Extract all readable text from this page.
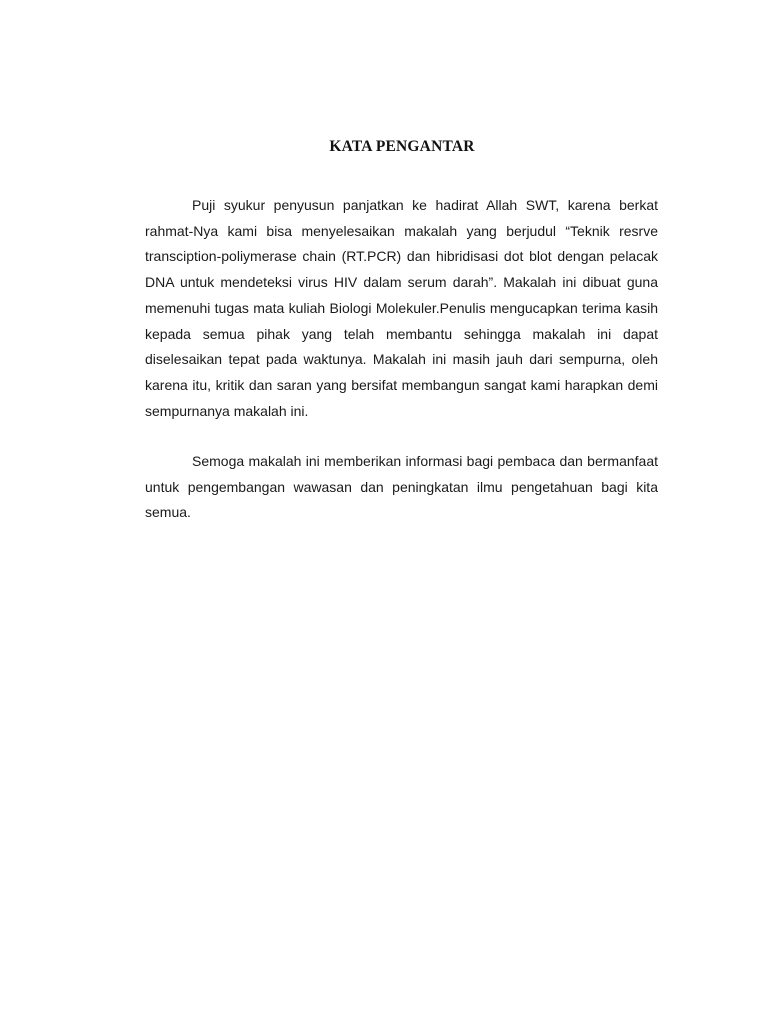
KATA PENGANTAR

Puji syukur penyusun panjatkan ke hadirat Allah SWT, karena berkat rahmat-Nya kami bisa menyelesaikan makalah yang berjudul “Teknik resrve transciption-poliymerase chain (RT.PCR) dan hibridisasi dot blot dengan pelacak DNA untuk mendeteksi virus HIV dalam serum darah”. Makalah ini dibuat guna memenuhi tugas mata kuliah Biologi Molekuler.Penulis mengucapkan terima kasih kepada semua pihak yang telah membantu sehingga makalah ini dapat diselesaikan tepat pada waktunya. Makalah ini masih jauh dari sempurna, oleh karena itu, kritik dan saran yang bersifat membangun sangat kami harapkan demi sempurnanya makalah ini.

Semoga makalah ini memberikan informasi bagi pembaca dan bermanfaat untuk pengembangan wawasan dan peningkatan ilmu pengetahuan bagi kita semua.
